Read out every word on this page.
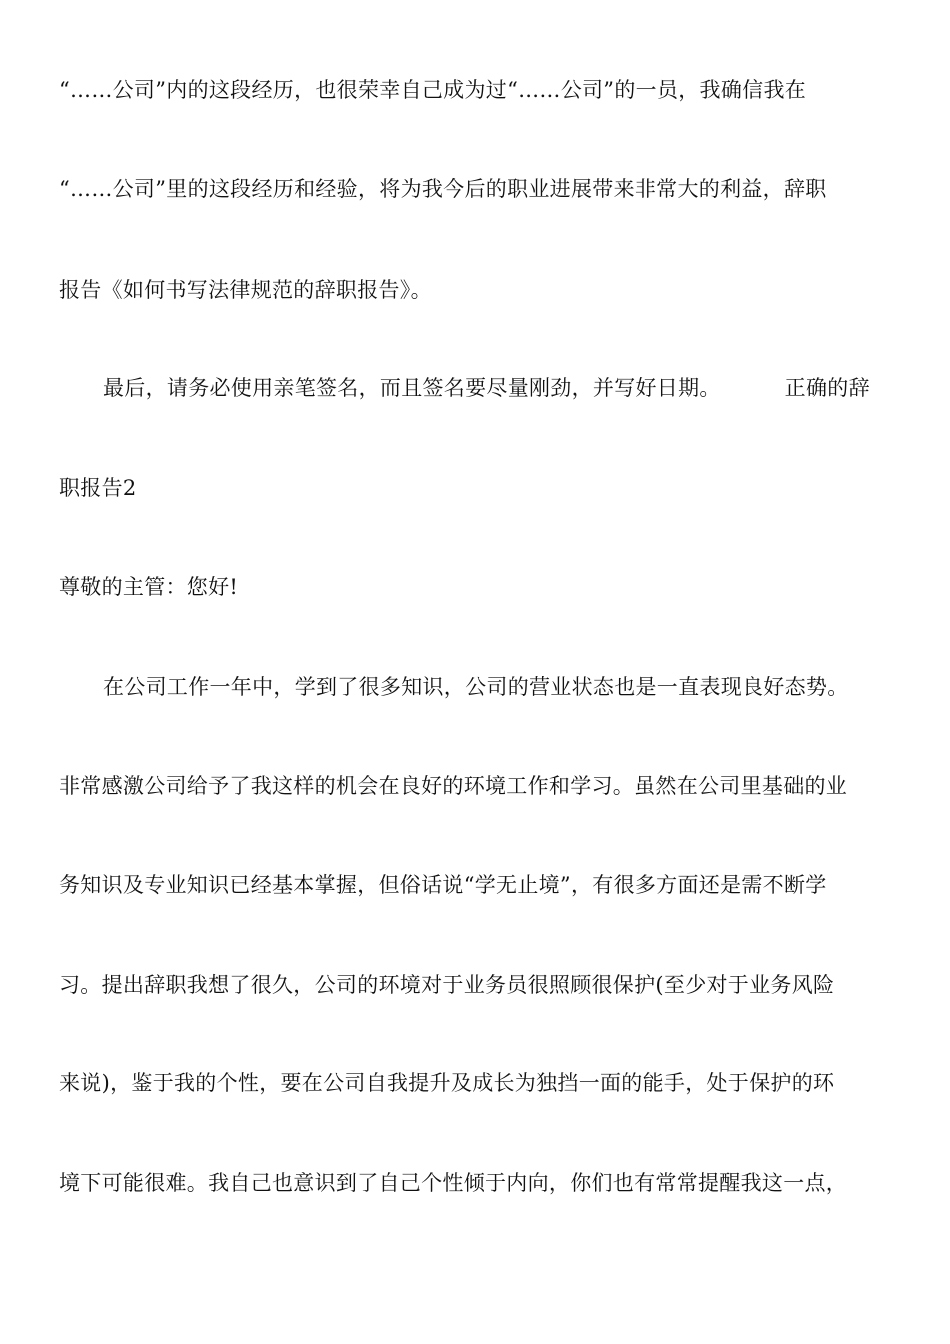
“……公司”内的这段经历，也很荣幸自己成为过“……公司”的一员，我确信我在
“……公司”里的这段经历和经验，将为我今后的职业进展带来非常大的利益，辞职
报告《如何书写法律规范的辞职报告》。
最后，请务必使用亲笔签名，而且签名要尽量刚劲，并写好日期。	正确的辞
职报告2
尊敬的主管：您好!
在公司工作一年中，学到了很多知识，公司的营业状态也是一直表现良好态势。
非常感激公司给予了我这样的机会在良好的环境工作和学习。虽然在公司里基础的业
务知识及专业知识已经基本掌握，但俗话说“学无止境”，有很多方面还是需不断学
习。提出辞职我想了很久，公司的环境对于业务员很照顾很保护(至少对于业务风险
来说)，鉴于我的个性，要在公司自我提升及成长为独挡一面的能手，处于保护的环
境下可能很难。我自己也意识到了自己个性倾于内向，你们也有常常提醒我这一点，
